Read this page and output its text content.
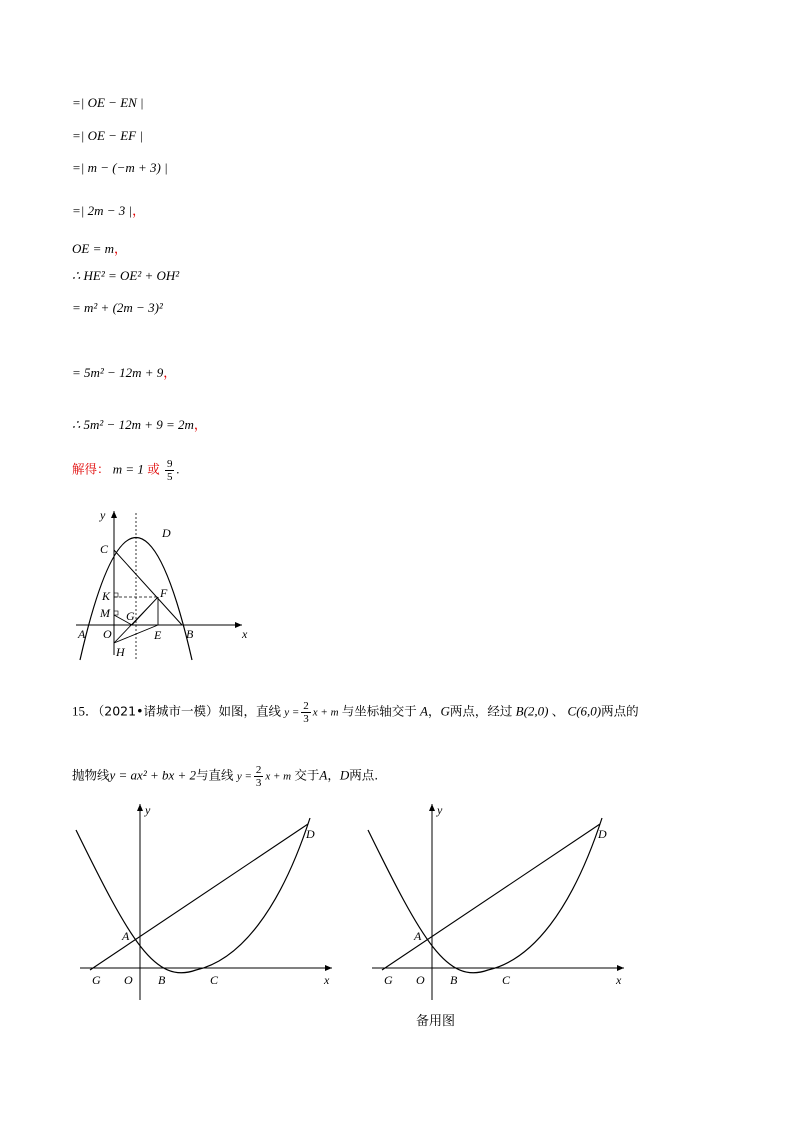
=| OE − EN |
=| OE − EF |
=| m − (−m + 3) |
=| 2m − 3 |，
OE = m，
∴ HE² = OE² + OH²
= m² + (2m − 3)²
= 5m² − 12m + 9，
∴ 5m² − 12m + 9 = 2m，
解得： m = 1 或 $\frac{9}{5}$ .
y
D
C
K	F
M G
A O	E B	x
H
15．（2021•诸城市一模）如图，直线 $y = \frac{2}{3}$ x + m 与坐标轴交于 A，G两点，经过 B(2,0) 、 C(6,0)两点的
抛物线y = ax² + bx + 2与直线 $y = \frac{2}{3}$ x + m 交于A，D两点.
y
D
A
G O B	C	x
y
D
A
G O B	C	x
备用图
